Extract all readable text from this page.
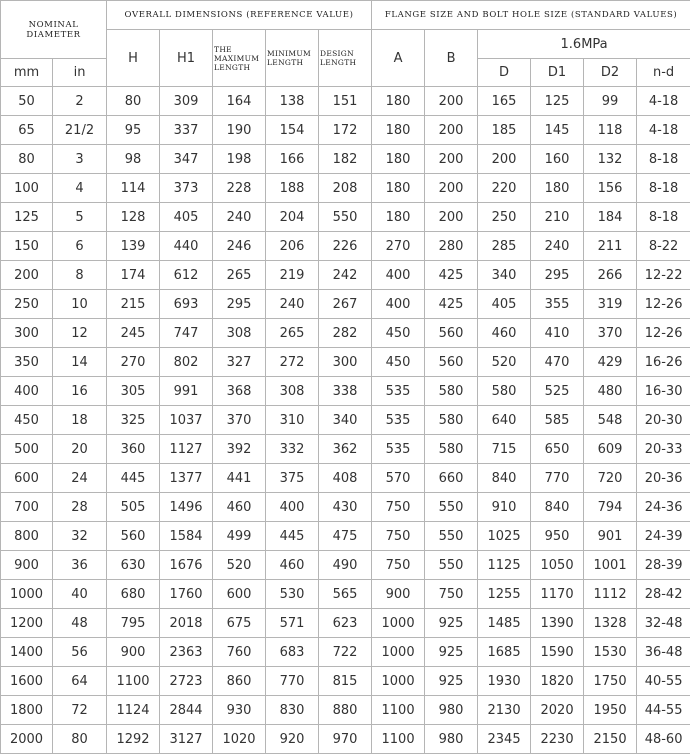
NOMINAL DIAMETER		OVERALL DIMENSIONS (REFERENCE VALUE)					FLANGE SIZE AND BOLT HOLE SIZE (STANDARD VALUES)					
		H	H1	THE MAXIMUM LENGTH	MINIMUM LENGTH	DESIGN LENGTH	A	B	1.6MPa			
mm	in								D	D1	D2	n-d
50	2	80	309	164	138	151	180	200	165	125	99	4-18
65	21/2	95	337	190	154	172	180	200	185	145	118	4-18
80	3	98	347	198	166	182	180	200	200	160	132	8-18
100	4	114	373	228	188	208	180	200	220	180	156	8-18
125	5	128	405	240	204	550	180	200	250	210	184	8-18
150	6	139	440	246	206	226	270	280	285	240	211	8-22
200	8	174	612	265	219	242	400	425	340	295	266	12-22
250	10	215	693	295	240	267	400	425	405	355	319	12-26
300	12	245	747	308	265	282	450	560	460	410	370	12-26
350	14	270	802	327	272	300	450	560	520	470	429	16-26
400	16	305	991	368	308	338	535	580	580	525	480	16-30
450	18	325	1037	370	310	340	535	580	640	585	548	20-30
500	20	360	1127	392	332	362	535	580	715	650	609	20-33
600	24	445	1377	441	375	408	570	660	840	770	720	20-36
700	28	505	1496	460	400	430	750	550	910	840	794	24-36
800	32	560	1584	499	445	475	750	550	1025	950	901	24-39
900	36	630	1676	520	460	490	750	550	1125	1050	1001	28-39
1000	40	680	1760	600	530	565	900	750	1255	1170	1112	28-42
1200	48	795	2018	675	571	623	1000	925	1485	1390	1328	32-48
1400	56	900	2363	760	683	722	1000	925	1685	1590	1530	36-48
1600	64	1100	2723	860	770	815	1000	925	1930	1820	1750	40-55
1800	72	1124	2844	930	830	880	1100	980	2130	2020	1950	44-55
2000	80	1292	3127	1020	920	970	1100	980	2345	2230	2150	48-60
